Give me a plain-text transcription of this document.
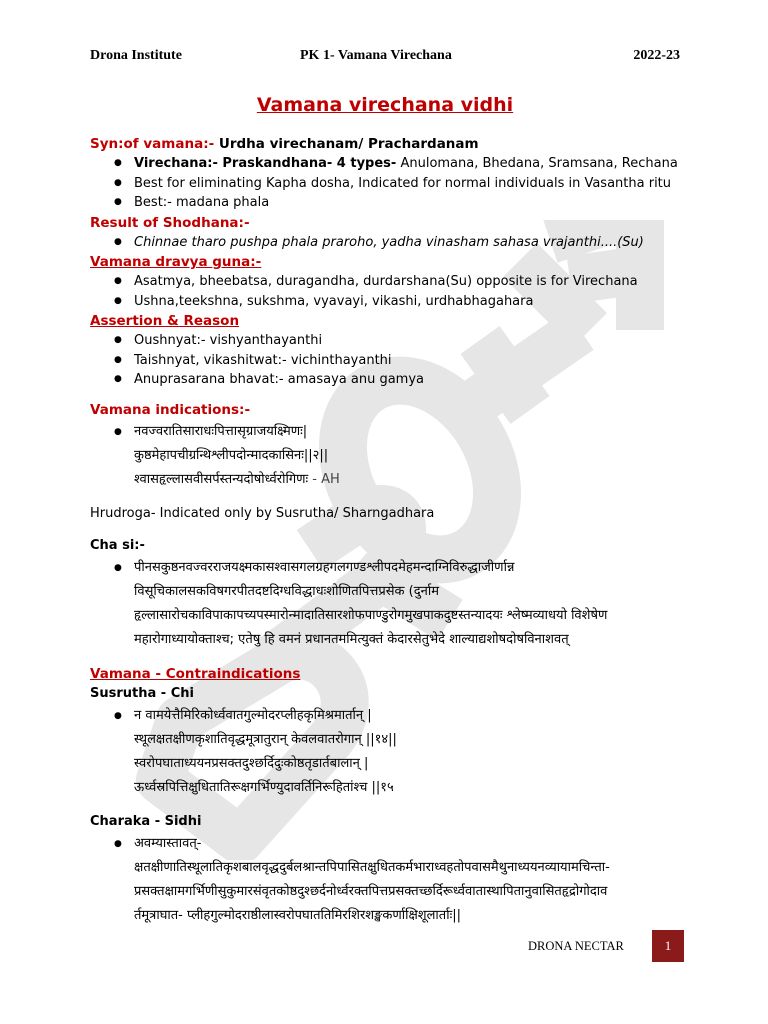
Drona Institute	PK 1- Vamana Virechana	2022-23
Vamana virechana vidhi
Syn:of vamana:- Urdha virechanam/ Prachardanam
● Virechana:- Praskandhana- 4 types- Anulomana, Bhedana, Sramsana, Rechana
● Best for eliminating Kapha dosha, Indicated for normal individuals in Vasantha ritu
● Best:- madana phala
Result of Shodhana:-
● Chinnae tharo pushpa phala praroho, yadha vinasham sahasa vrajanthi....(Su)
Vamana dravya guna:-
● Asatmya, bheebatsa, duragandha, durdarshana(Su) opposite is for Virechana
● Ushna,teekshna, sukshma, vyavayi, vikashi, urdhabhagahara
Assertion & Reason
● Oushnyat:- vishyanthayanthi
● Taishnyat, vikashitwat:- vichinthayanthi
● Anuprasarana bhavat:- amasaya anu gamya
Vamana indications:-
● नवज्वरातिसाराधःपित्तासृग्राजयक्ष्मिणः|
कुष्ठमेहापचीग्रन्थिश्लीपदोन्मादकासिनः||२||
श्वासहृल्लासवीसर्पस्तन्यदोषोर्ध्वरोगिणः - AH
Hrudroga- Indicated only by Susrutha/ Sharngadhara
Cha si:-
● पीनसकुष्ठनवज्वरराजयक्ष्मकासश्वासगलग्रहगलगण्डश्लीपदमेहमन्दाग्निविरुद्धाजीर्णान्न
विसूचिकालसकविषगरपीतदष्टदिग्धविद्धाधःशोणितपित्तप्रसेक (दुर्नाम
हृल्लासारोचकाविपाकापच्यपस्मारोन्मादातिसारशोफपाण्डुरोगमुखपाकदुष्टस्तन्यादयः श्लेष्मव्याधयो विशेषेण
महारोगाध्यायोक्ताश्च; एतेषु हि वमनं प्रधानतममित्युक्तं केदारसेतुभेदे शाल्याद्यशोषदोषविनाशवत्
Vamana - Contraindications
Susrutha - Chi
● न वामयेत्तैमिरिकोर्ध्ववातगुल्मोदरप्लीहकृमिश्रमार्तान् |
स्थूलक्षतक्षीणकृशातिवृद्धमूत्रातुरान् केवलवातरोगान् ||१४||
स्वरोपघाताध्ययनप्रसक्तदुश्छर्दिदुःकोष्ठतृडार्तबालान् |
ऊर्ध्वस्रपित्तिक्षुधितातिरूक्षगर्भिण्युदावर्तिनिरूहितांश्च ||१५
Charaka - Sidhi
● अवम्यास्तावत्-
क्षतक्षीणातिस्थूलातिकृशबालवृद्धदुर्बलश्रान्तपिपासितक्षुधितकर्मभाराध्वहतोपवासमैथुनाध्ययनव्यायामचिन्ता-
प्रसक्तक्षामगर्भिणीसुकुमारसंवृतकोष्ठदुश्छर्दनोर्ध्वरक्तपित्तप्रसक्तच्छर्दिरूर्ध्ववातास्थापितानुवासितहृद्रोगोदाव
र्तमूत्राघात- प्लीहगुल्मोदराष्ठीलास्वरोपघाततिमिरशिरशङ्खकर्णाक्षिशूलार्ताः||
DRONA NECTAR	1
